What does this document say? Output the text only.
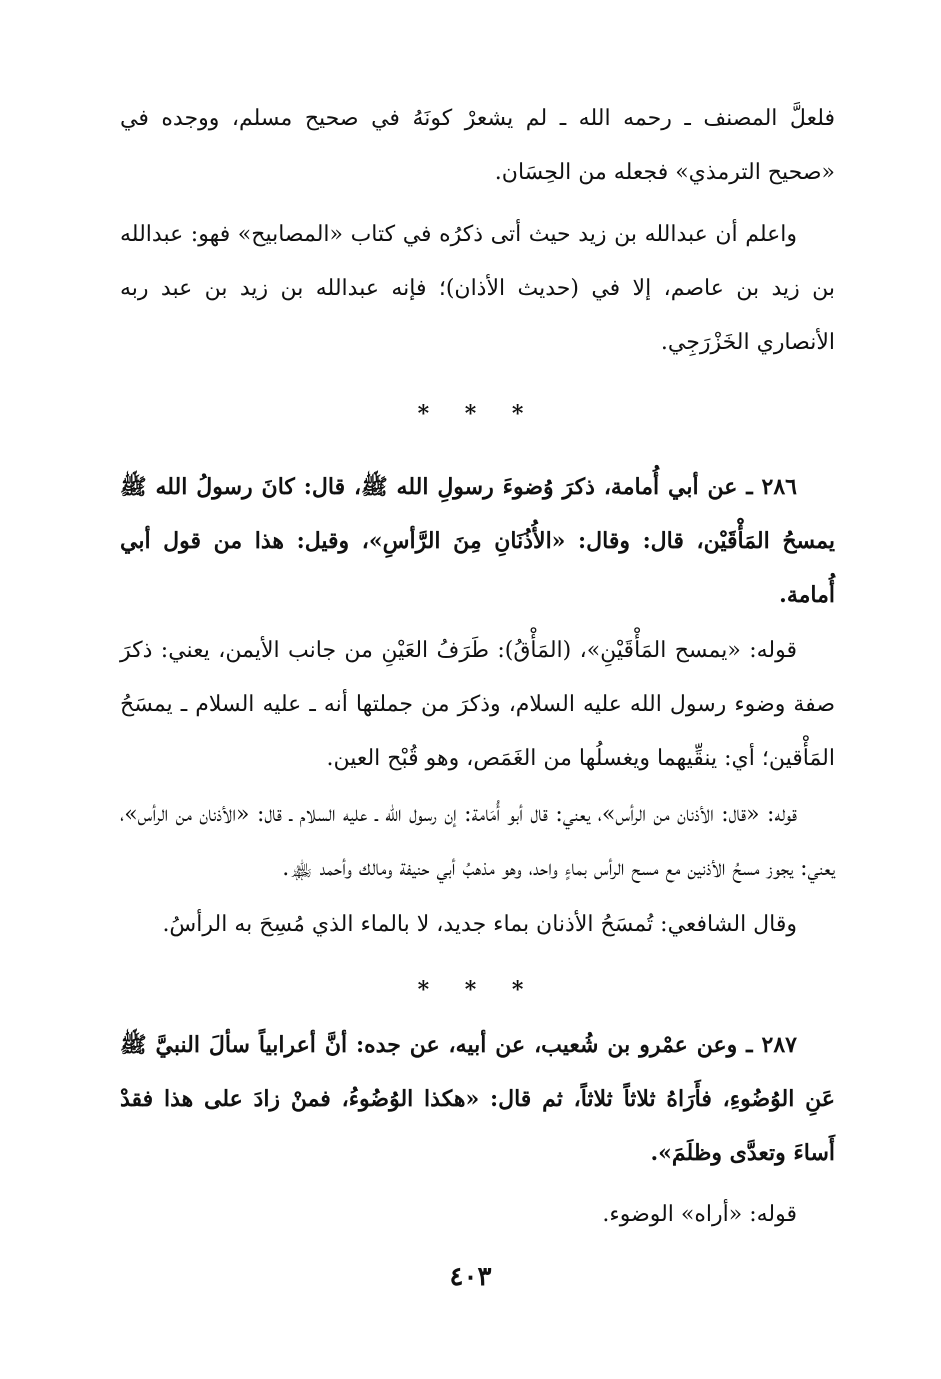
فلعلَّ المصنف ـ رحمه الله ـ لم يشعرْ كونَهُ في صحيح مسلم، ووجده في «صحيح الترمذي» فجعله من الحِسَان.

واعلم أن عبدالله بن زيد حيث أتى ذكرُه في كتاب «المصابيح» فهو: عبدالله بن زيد بن عاصم، إلا في (حديث الأذان)؛ فإنه عبدالله بن زيد بن عبد ربه الأنصاري الخَزْرَجِي.

* * *

٢٨٦ ـ عن أبي أُمامة، ذكرَ وُضوءَ رسولِ الله ﷺ، قال: كانَ رسولُ الله ﷺ يمسحُ المَأْقَيْن، قال: وقال: «الأُذُنَانِ مِنَ الرَّأسِ»، وقيل: هذا من قول أبي أُمامة.

قوله: «يمسح المَأْقَيْنِ»، (المَأْقُ): طَرَفُ العَيْنِ من جانب الأيمن، يعني: ذكرَ صفة وضوء رسول الله عليه السلام، وذكرَ من جملتها أنه ـ عليه السلام ـ يمسَحُ المَأْقين؛ أي: ينقِّيهما ويغسلُها من الغَمَص، وهو قُبْح العين.

قوله: «قال: الأذنان من الرأس»، يعني: قال أبو أُمَامة: إن رسول الله ـ عليه السلام ـ قال: «الأذنان من الرأس»، يعني: يجوز مسحُ الأذنين مع مسح الرأس بماءٍ واحد، وهو مذهبُ أبي حنيفة ومالك وأحمد ﵏.

وقال الشافعي: تُمسَحُ الأذنان بماء جديد، لا بالماء الذي مُسِحَ به الرأسُ.

* * *

٢٨٧ ـ وعن عمْرو بن شُعيب، عن أبيه، عن جده: أنَّ أعرابياً سألَ النبيَّ ﷺ عَنِ الوُضُوءِ، فأَرَاهُ ثلاثاً ثلاثاً، ثم قال: «هكذا الوُضُوءُ، فمنْ زادَ على هذا فقدْ أَساءَ وتعدَّى وظلَمَ».

قوله: «أراه» الوضوء.

٤٠٣
